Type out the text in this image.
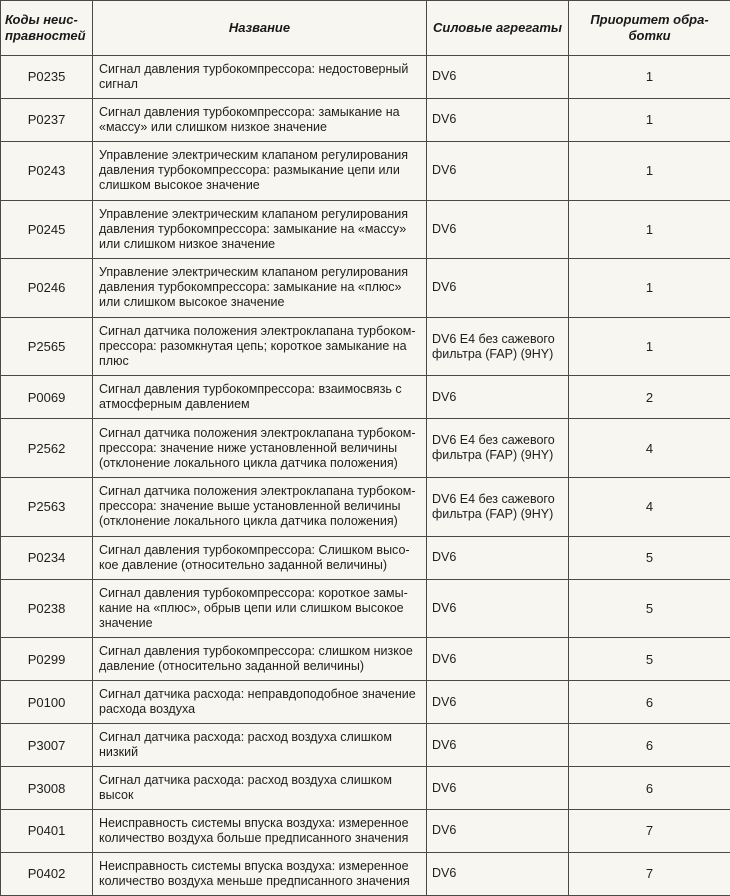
Коды неис-правностей	Название	Силовые агрегаты	Приоритет обра-ботки
P0235	Сигнал давления турбокомпрессора: недостоверный сигнал	DV6	1
P0237	Сигнал давления турбокомпрессора: замыкание на «массу» или слишком низкое значение	DV6	1
P0243	Управление электрическим клапаном регулирования давления турбокомпрессора: размыкание цепи или слишком высокое значение	DV6	1
P0245	Управление электрическим клапаном регулирования давления турбокомпрессора: замыкание на «массу» или слишком низкое значение	DV6	1
P0246	Управление электрическим клапаном регулирования давления турбокомпрессора: замыкание на «плюс» или слишком высокое значение	DV6	1
P2565	Сигнал датчика положения электроклапана турбоком-прессора: разомкнутая цепь; короткое замыкание на плюс	DV6 E4 без сажевого фильтра (FAP) (9HY)	1
P0069	Сигнал давления турбокомпрессора: взаимосвязь с атмосферным давлением	DV6	2
P2562	Сигнал датчика положения электроклапана турбоком-прессора: значение ниже установленной величины (отклонение локального цикла датчика положения)	DV6 E4 без сажевого фильтра (FAP) (9HY)	4
P2563	Сигнал датчика положения электроклапана турбоком-прессора: значение выше установленной величины (отклонение локального цикла датчика положения)	DV6 E4 без сажевого фильтра (FAP) (9HY)	4
P0234	Сигнал давления турбокомпрессора: Слишком высо-кое давление (относительно заданной величины)	DV6	5
P0238	Сигнал давления турбокомпрессора: короткое замы-кание на «плюс», обрыв цепи или слишком высокое значение	DV6	5
P0299	Сигнал давления турбокомпрессора: слишком низкое давление (относительно заданной величины)	DV6	5
P0100	Сигнал датчика расхода: неправдоподобное значение расхода воздуха	DV6	6
P3007	Сигнал датчика расхода: расход воздуха слишком низкий	DV6	6
P3008	Сигнал датчика расхода: расход воздуха слишком высок	DV6	6
P0401	Неисправность системы впуска воздуха: измеренное количество воздуха больше предписанного значения	DV6	7
P0402	Неисправность системы впуска воздуха: измеренное количество воздуха меньше предписанного значения	DV6	7
